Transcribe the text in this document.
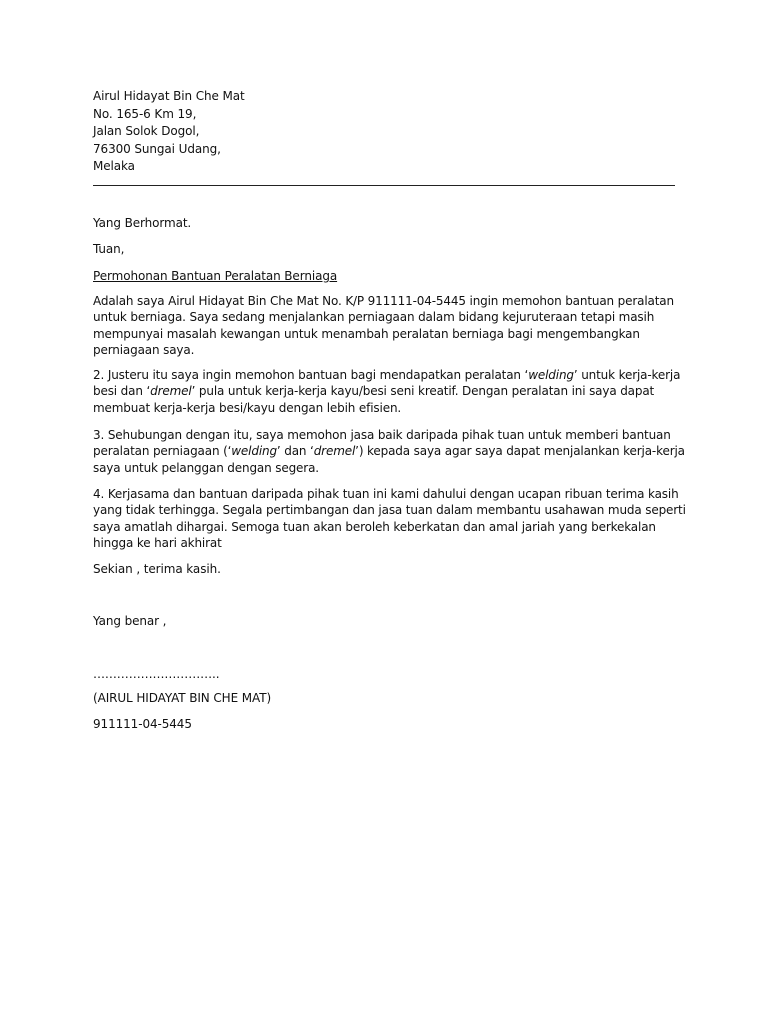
Airul Hidayat Bin Che Mat
No. 165-6 Km 19,
Jalan Solok Dogol,
76300 Sungai Udang,
Melaka
Yang Berhormat.
Tuan,
Permohonan Bantuan Peralatan Berniaga
Adalah saya Airul Hidayat Bin Che Mat No. K/P 911111-04-5445 ingin memohon bantuan peralatan
untuk berniaga. Saya sedang menjalankan perniagaan dalam bidang kejuruteraan tetapi masih
mempunyai masalah kewangan untuk menambah peralatan berniaga bagi mengembangkan
perniagaan saya.
2. Justeru itu saya ingin memohon bantuan bagi mendapatkan peralatan ‘welding’ untuk kerja-kerja
besi dan ‘dremel’ pula untuk kerja-kerja kayu/besi seni kreatif. Dengan peralatan ini saya dapat
membuat kerja-kerja besi/kayu dengan lebih efisien.
3. Sehubungan dengan itu, saya memohon jasa baik daripada pihak tuan untuk memberi bantuan
peralatan perniagaan (‘welding’ dan ‘dremel’) kepada saya agar saya dapat menjalankan kerja-kerja
saya untuk pelanggan dengan segera.
4. Kerjasama dan bantuan daripada pihak tuan ini kami dahului dengan ucapan ribuan terima kasih
yang tidak terhingga. Segala pertimbangan dan jasa tuan dalam membantu usahawan muda seperti
saya amatlah dihargai. Semoga tuan akan beroleh keberkatan dan amal jariah yang berkekalan
hingga ke hari akhirat
Sekian , terima kasih.
Yang benar ,
…………………………..
(AIRUL HIDAYAT BIN CHE MAT)
911111-04-5445
